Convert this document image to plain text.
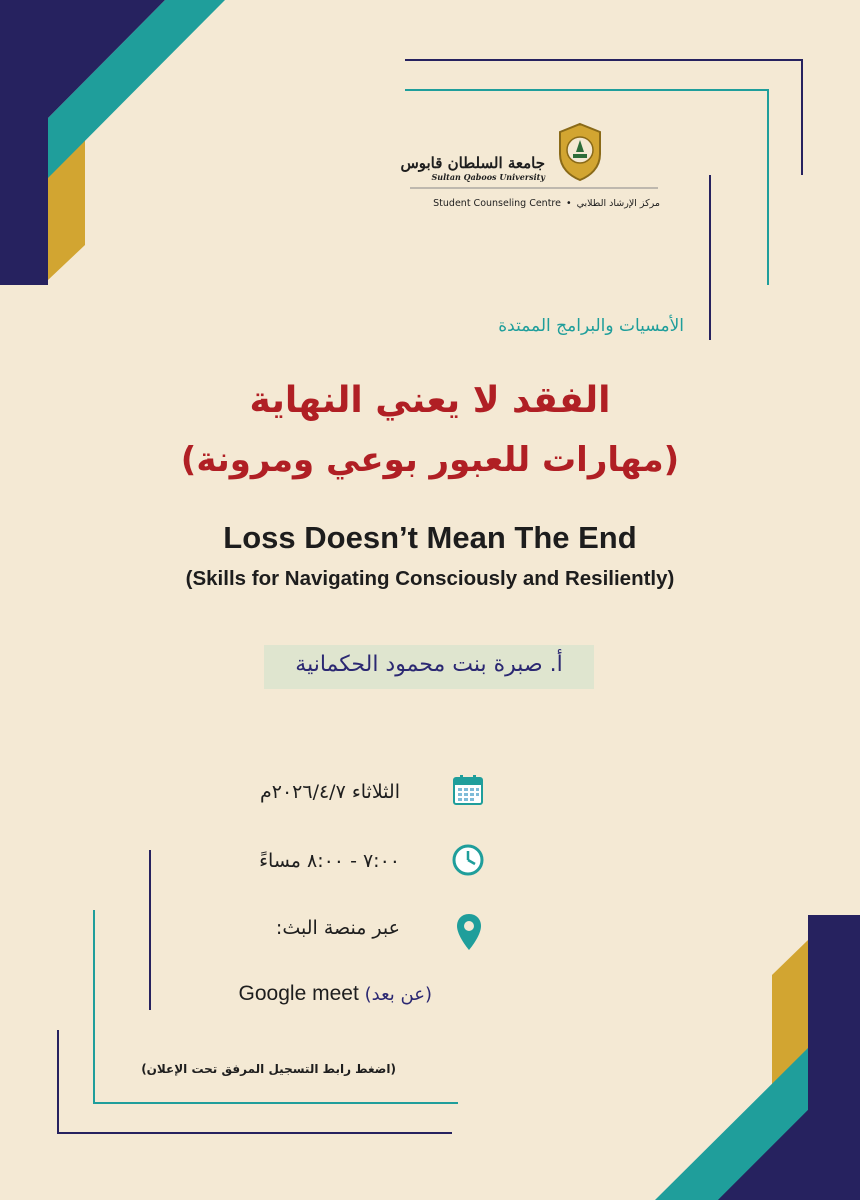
جامعة السلطان قابوس
Sultan Qaboos University
مركز الإرشاد الطلابي•Student Counseling Centre
الأمسيات والبرامج الممتدة
الفقد لا يعني النهاية
(مهارات للعبور بوعي ومرونة)
Loss Doesn’t Mean The End
(Skills for Navigating Consciously and Resiliently)
أ. صبرة بنت محمود الحكمانية
الثلاثاء ٢٠٢٦/٤/٧م
٧:٠٠ - ٨:٠٠ مساءً
عبر منصة البث:
Google meet (عن بعد)
(اضغط رابط التسجيل المرفق تحت الإعلان)
